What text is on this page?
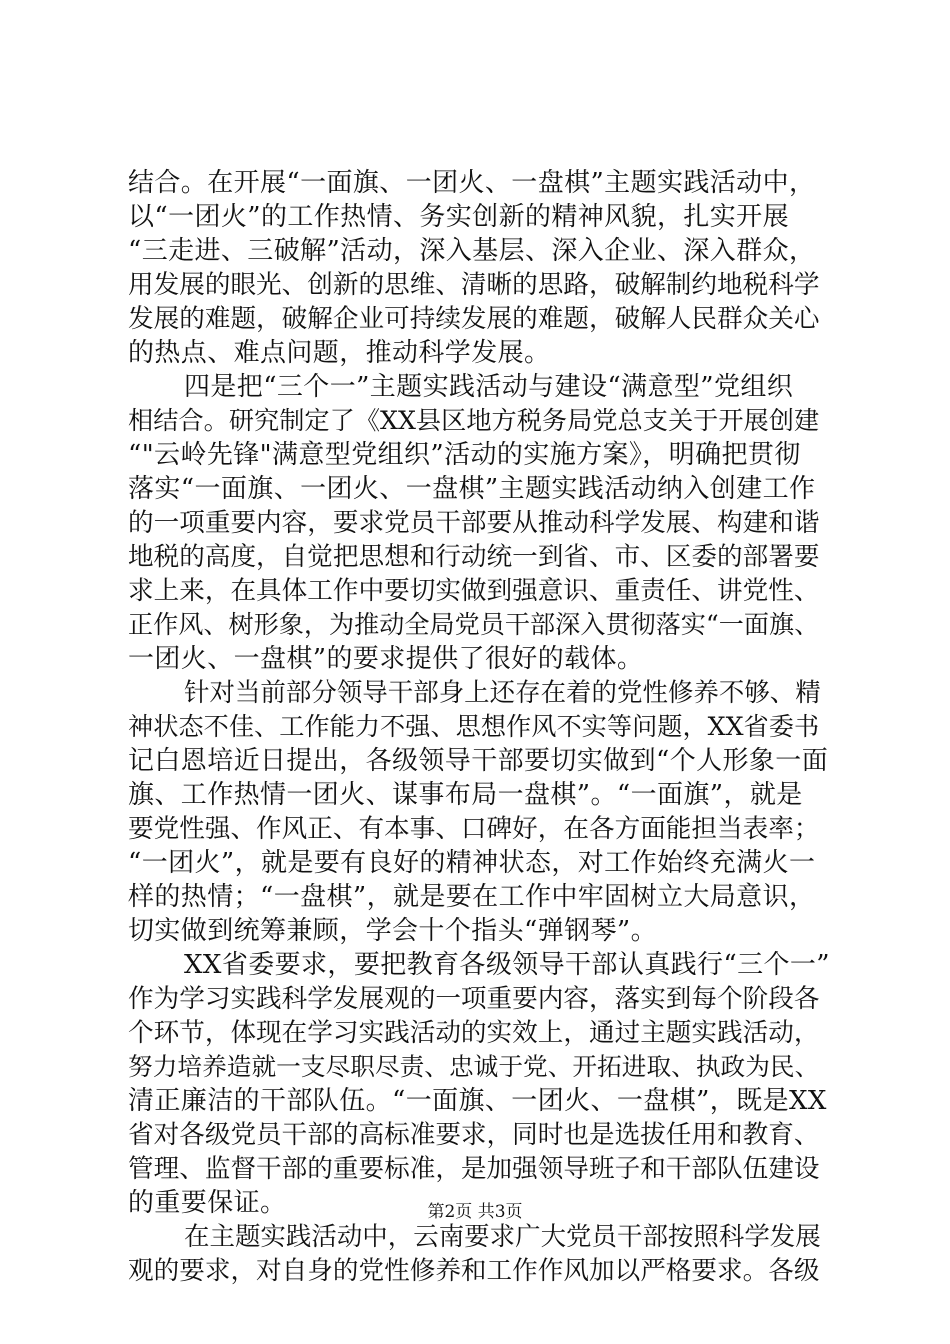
结合。在开展“一面旗、一团火、一盘棋”主题实践活动中，
以“一团火”的工作热情、务实创新的精神风貌，扎实开展
“三走进、三破解”活动，深入基层、深入企业、深入群众，
用发展的眼光、创新的思维、清晰的思路，破解制约地税科学
发展的难题，破解企业可持续发展的难题，破解人民群众关心
的热点、难点问题，推动科学发展。
四是把“三个一”主题实践活动与建设“满意型”党组织
相结合。研究制定了《XX县区地方税务局党总支关于开展创建
“"云岭先锋"满意型党组织”活动的实施方案》，明确把贯彻
落实“一面旗、一团火、一盘棋”主题实践活动纳入创建工作
的一项重要内容，要求党员干部要从推动科学发展、构建和谐
地税的高度，自觉把思想和行动统一到省、市、区委的部署要
求上来，在具体工作中要切实做到强意识、重责任、讲党性、
正作风、树形象，为推动全局党员干部深入贯彻落实“一面旗、
一团火、一盘棋”的要求提供了很好的载体。
针对当前部分领导干部身上还存在着的党性修养不够、精
神状态不佳、工作能力不强、思想作风不实等问题，XX省委书
记白恩培近日提出，各级领导干部要切实做到“个人形象一面
旗、工作热情一团火、谋事布局一盘棋”。“一面旗”，就是
要党性强、作风正、有本事、口碑好，在各方面能担当表率；
“一团火”，就是要有良好的精神状态，对工作始终充满火一
样的热情；“一盘棋”，就是要在工作中牢固树立大局意识，
切实做到统筹兼顾，学会十个指头“弹钢琴”。
XX省委要求，要把教育各级领导干部认真践行“三个一”
作为学习实践科学发展观的一项重要内容，落实到每个阶段各
个环节，体现在学习实践活动的实效上，通过主题实践活动，
努力培养造就一支尽职尽责、忠诚于党、开拓进取、执政为民、
清正廉洁的干部队伍。“一面旗、一团火、一盘棋”，既是XX
省对各级党员干部的高标准要求，同时也是选拔任用和教育、
管理、监督干部的重要标准，是加强领导班子和干部队伍建设
的重要保证。
在主题实践活动中，云南要求广大党员干部按照科学发展
观的要求，对自身的党性修养和工作作风加以严格要求。各级
第2页 共3页
